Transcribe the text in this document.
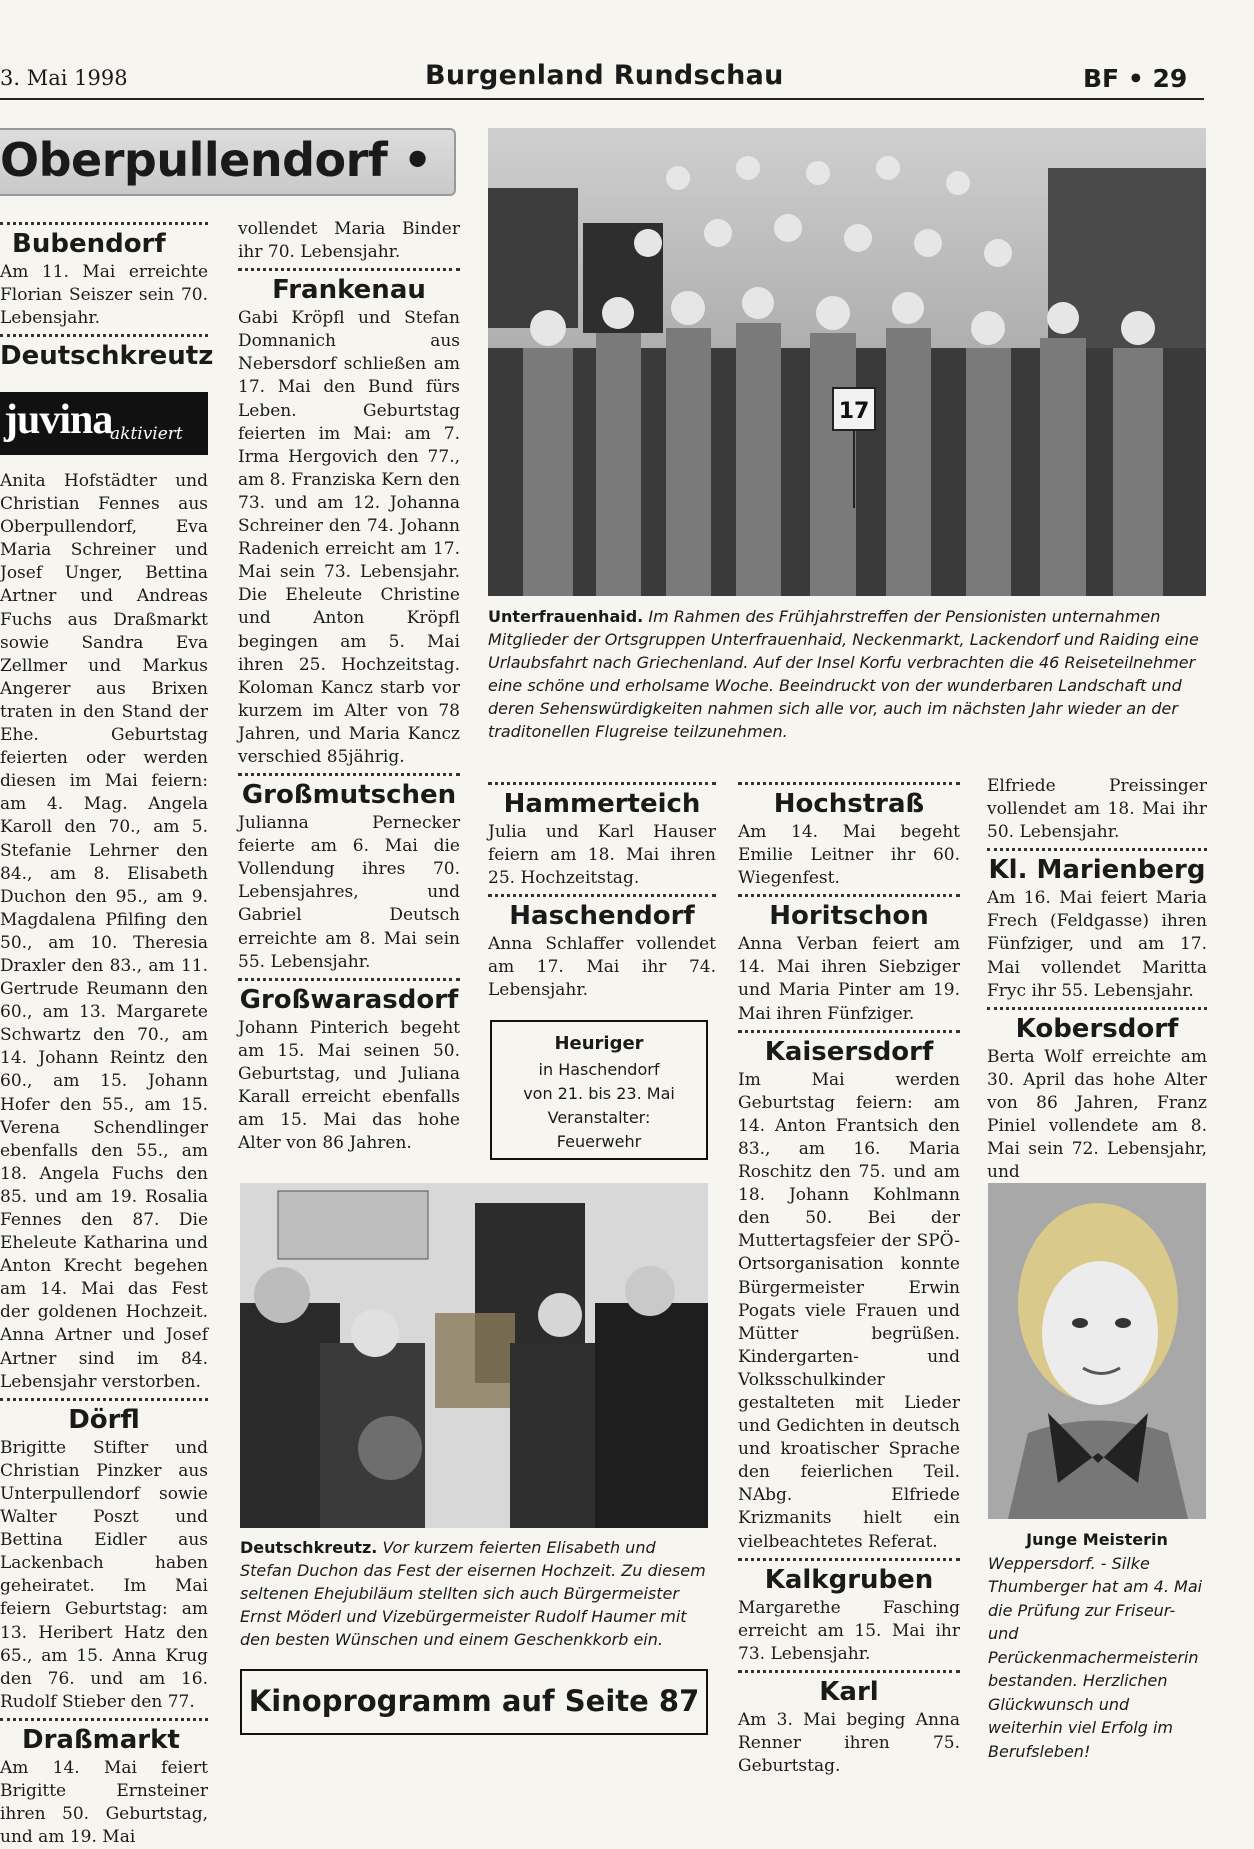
3. Mai 1998	Burgenland Rundschau	BF • 29
Oberpullendorf •
Bubendorf

Am 11. Mai erreichte Florian Seiszer sein 70. Lebensjahr.

Deutschkreutz
juvina
aktiviert

Anita Hofstädter und Christian Fennes aus Oberpullendorf, Eva Maria Schreiner und Josef Unger, Bettina Artner und Andreas Fuchs aus Draßmarkt sowie Sandra Eva Zellmer und Markus Angerer aus Brixen traten in den Stand der Ehe. Geburtstag feierten oder werden diesen im Mai feiern: am 4. Mag. Angela Karoll den 70., am 5. Stefanie Lehrner den 84., am 8. Elisabeth Duchon den 95., am 9. Magdalena Pfilfing den 50., am 10. Theresia Draxler den 83., am 11. Gertrude Reumann den 60., am 13. Margarete Schwartz den 70., am 14. Johann Reintz den 60., am 15. Johann Hofer den 55., am 15. Verena Schendlinger ebenfalls den 55., am 18. Angela Fuchs den 85. und am 19. Rosalia Fennes den 87. Die Eheleute Katharina und Anton Krecht begehen am 14. Mai das Fest der goldenen Hochzeit. Anna Artner und Josef Artner sind im 84. Lebensjahr verstorben.

Dörfl

Brigitte Stifter und Christian Pinzker aus Unterpullendorf sowie Walter Poszt und Bettina Eidler aus Lackenbach haben geheiratet. Im Mai feiern Geburtstag: am 13. Heribert Hatz den 65., am 15. Anna Krug den 76. und am 16. Rudolf Stieber den 77.

Draßmarkt

Am 14. Mai feiert Brigitte Ernsteiner ihren 50. Geburtstag, und am 19. Mai

vollendet Maria Binder ihr 70. Lebensjahr.

Frankenau

Gabi Kröpfl und Stefan Domnanich aus Nebersdorf schließen am 17. Mai den Bund fürs Leben. Geburtstag feierten im Mai: am 7. Irma Hergovich den 77., am 8. Franziska Kern den 73. und am 12. Johanna Schreiner den 74. Johann Radenich erreicht am 17. Mai sein 73. Lebensjahr. Die Eheleute Christine und Anton Kröpfl begingen am 5. Mai ihren 25. Hochzeitstag. Koloman Kancz starb vor kurzem im Alter von 78 Jahren, und Maria Kancz verschied 85jährig.

Großmutschen

Julianna Pernecker feierte am 6. Mai die Vollendung ihres 70. Lebensjahres, und Gabriel Deutsch erreichte am 8. Mai sein 55. Lebensjahr.

Großwarasdorf

Johann Pinterich begeht am 15. Mai seinen 50. Geburtstag, und Juliana Karall erreicht ebenfalls am 15. Mai das hohe Alter von 86 Jahren.

17
Unterfrauenhaid. Im Rahmen des Frühjahrstreffen der Pensionisten unternahmen Mitglieder der Ortsgruppen Unterfrauenhaid, Neckenmarkt, Lackendorf und Raiding eine Urlaubsfahrt nach Griechenland. Auf der Insel Korfu verbrachten die 46 Reiseteilnehmer eine schöne und erholsame Woche. Beeindruckt von der wunderbaren Landschaft und deren Sehenswürdigkeiten nahmen sich alle vor, auch im nächsten Jahr wieder an der traditonellen Flugreise teilzunehmen.
Hammerteich

Julia und Karl Hauser feiern am 18. Mai ihren 25. Hochzeitstag.

Haschendorf

Anna Schlaffer vollendet am 17. Mai ihr 74. Lebensjahr.

Heuriger
in Haschendorf
von 21. bis 23. Mai
Veranstalter:
Feuerwehr
Hochstraß

Am 14. Mai begeht Emilie Leitner ihr 60. Wiegenfest.

Horitschon

Anna Verban feiert am 14. Mai ihren Siebziger und Maria Pinter am 19. Mai ihren Fünfziger.

Kaisersdorf

Im Mai werden Geburtstag feiern: am 14. Anton Frantsich den 83., am 16. Maria Roschitz den 75. und am 18. Johann Kohlmann den 50. Bei der Muttertagsfeier der SPÖ-Ortsorganisation konnte Bürgermeister Erwin Pogats viele Frauen und Mütter begrüßen. Kindergarten- und Volksschulkinder gestalteten mit Lieder und Gedichten in deutsch und kroatischer Sprache den feierlichen Teil. NAbg. Elfriede Krizmanits hielt ein vielbeachtetes Referat.

Kalkgruben

Margarethe Fasching erreicht am 15. Mai ihr 73. Lebensjahr.

Karl

Am 3. Mai beging Anna Renner ihren 75. Geburtstag.

Elfriede Preissinger vollendet am 18. Mai ihr 50. Lebensjahr.

Kl. Marienberg

Am 16. Mai feiert Maria Frech (Feldgasse) ihren Fünfziger, und am 17. Mai vollendet Maritta Fryc ihr 55. Lebensjahr.

Kobersdorf

Berta Wolf erreichte am 30. April das hohe Alter von 86 Jahren, Franz Piniel vollendete am 8. Mai sein 72. Lebensjahr, und

Deutschkreutz. Vor kurzem feierten Elisabeth und Stefan Duchon das Fest der eisernen Hochzeit. Zu diesem seltenen Ehejubiläum stellten sich auch Bürgermeister Ernst Möderl und Vizebürgermeister Rudolf Haumer mit den besten Wünschen und einem Geschenkkorb ein.
Kinoprogramm auf Seite 87
Junge Meisterin
Weppersdorf. - Silke Thumberger hat am 4. Mai die Prüfung zur Friseur- und Perückenmachermeisterin bestanden. Herzlichen Glückwunsch und weiterhin viel Erfolg im Berufsleben!
